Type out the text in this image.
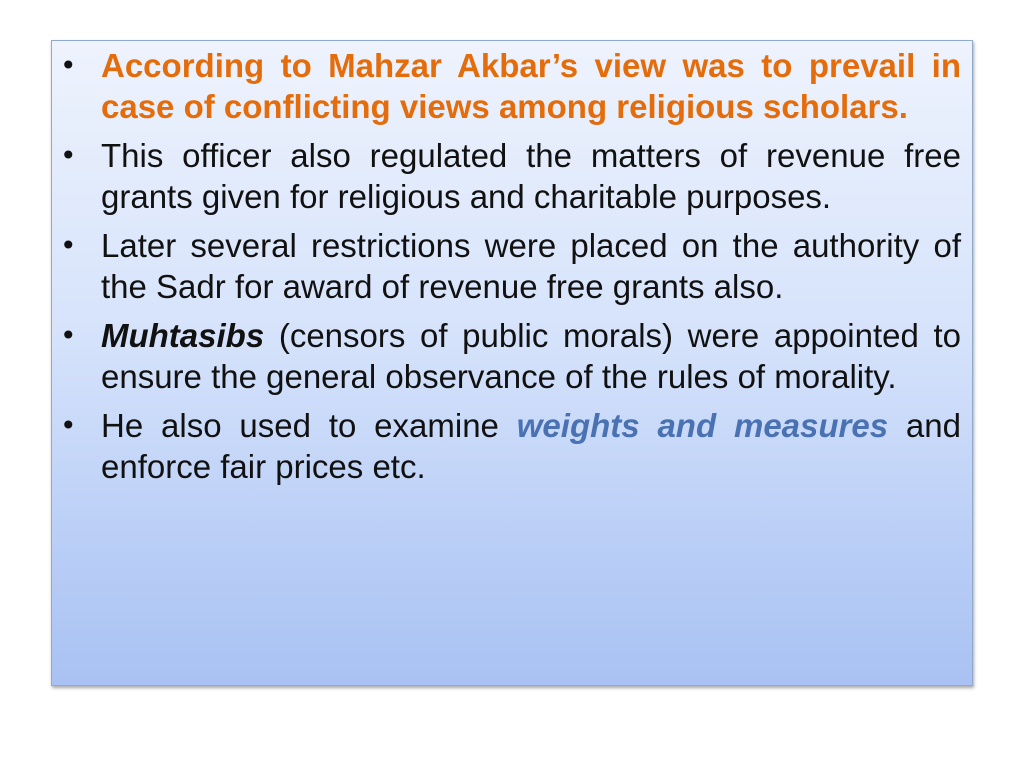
• According to Mahzar Akbar’s view was to prevail in case of conflicting views among religious scholars.
• This officer also regulated the matters of revenue free grants given for religious and charitable purposes.
• Later several restrictions were placed on the authority of the Sadr for award of revenue free grants also.
• Muhtasibs (censors of public morals) were appointed to ensure the general observance of the rules of morality.
• He also used to examine weights and measures and enforce fair prices etc.
